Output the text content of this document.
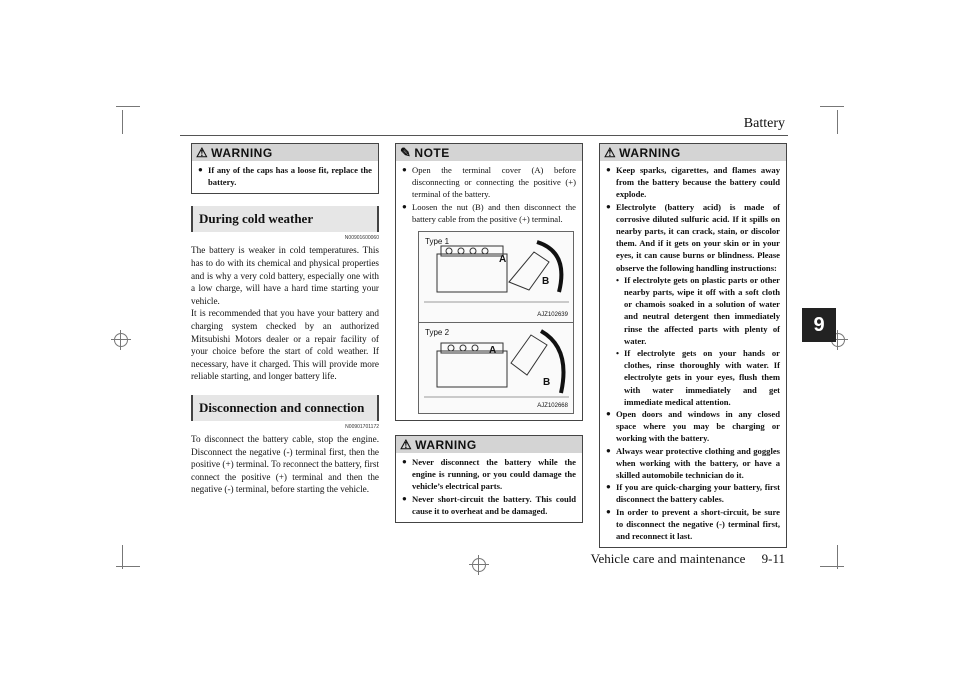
Battery
9
Vehicle care and maintenance 9-11
⚠ WARNING
● If any of the caps has a loose fit, replace the battery.
During cold weather
N00901600060
The battery is weaker in cold temperatures. This has to do with its chemical and physical properties and is why a very cold battery, especially one with a low charge, will have a hard time starting your vehicle.
It is recommended that you have your battery and charging system checked by an authorized Mitsubishi Motors dealer or a repair facility of your choice before the start of cold weather. If necessary, have it charged. This will provide more reliable starting, and longer battery life.
Disconnection and connection
N00901701172
To disconnect the battery cable, stop the engine. Disconnect the negative (-) terminal first, then the positive (+) terminal. To reconnect the battery, first connect the positive (+) terminal and then the negative (-) terminal, before starting the vehicle.
✎ NOTE
● Open the terminal cover (A) before disconnecting or connecting the positive (+) terminal of the battery.
● Loosen the nut (B) and then disconnect the battery cable from the positive (+) terminal.
Type 1
A
B
AJZ102639
Type 2
A
B
AJZ102668
⚠ WARNING
● Never disconnect the battery while the engine is running, or you could damage the vehicle’s electrical parts.
● Never short-circuit the battery. This could cause it to overheat and be damaged.
⚠ WARNING
● Keep sparks, cigarettes, and flames away from the battery because the battery could explode.
● Electrolyte (battery acid) is made of corrosive diluted sulfuric acid. If it spills on nearby parts, it can crack, stain, or discolor them. And if it gets on your skin or in your eyes, it can cause burns or blindness. Please observe the following handling instructions:
• If electrolyte gets on plastic parts or other nearby parts, wipe it off with a soft cloth or chamois soaked in a solution of water and neutral detergent then immediately rinse the affected parts with plenty of water.
• If electrolyte gets on your hands or clothes, rinse thoroughly with water. If electrolyte gets in your eyes, flush them with water immediately and get immediate medical attention.
● Open doors and windows in any closed space where you may be charging or working with the battery.
● Always wear protective clothing and goggles when working with the battery, or have a skilled automobile technician do it.
● If you are quick-charging your battery, first disconnect the battery cables.
● In order to prevent a short-circuit, be sure to disconnect the negative (-) terminal first, and reconnect it last.
